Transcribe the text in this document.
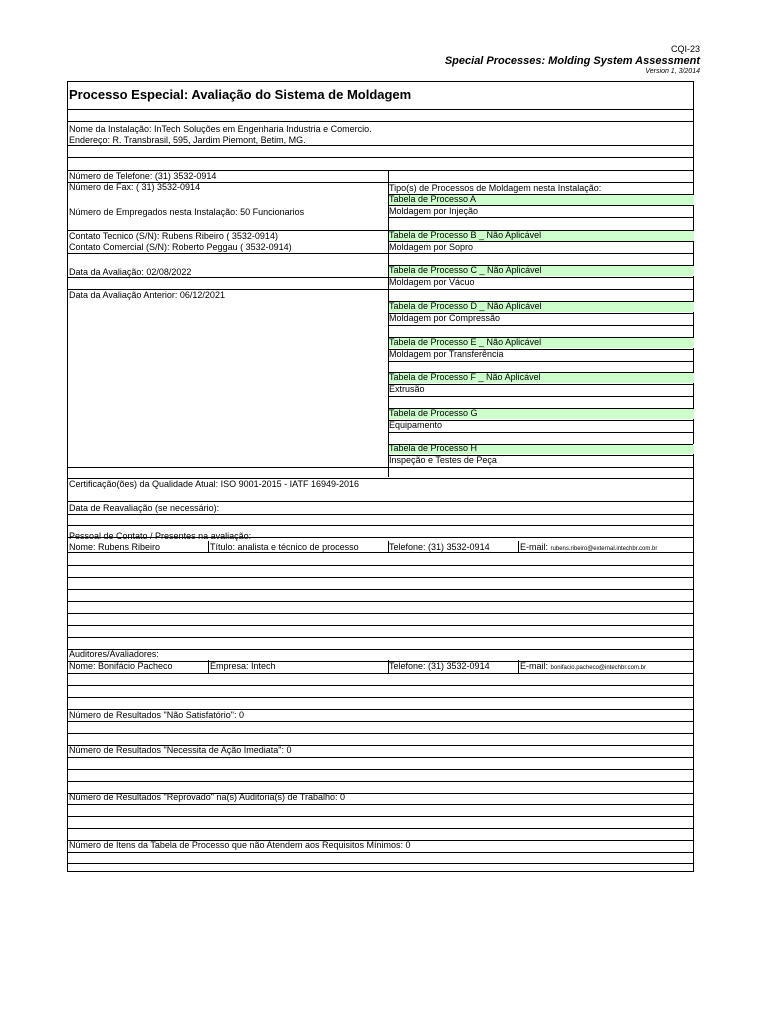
CQI-23
Special Processes: Molding System Assessment
Version 1, 3/2014
Processo Especial: Avaliação do Sistema de Moldagem
Nome da Instalação: InTech Soluções em Engenharia Industria e Comercio.
Endereço: R. Transbrasil, 595, Jardim Piemont, Betim, MG.
Número de Telefone: (31) 3532-0914
Número de Fax: ( 31) 3532-0914
Número de Empregados nesta Instalação: 50 Funcionarios
Contato Tecnico (S/N): Rubens Ribeiro ( 3532-0914)
Contato Comercial (S/N): Roberto Peggau ( 3532-0914)
Data da Avaliação: 02/08/2022
Data da Avaliação Anterior: 06/12/2021
Tipo(s) de Processos de Moldagem nesta Instalação:
Tabela de Processo A
Moldagem por Injeção
Tabela de Processo B _ Não Aplicável
Moldagem por Sopro
Tabela de Processo C _ Não Aplicável
Moldagem por Vácuo
Tabela de Processo D _ Não Aplicável
Moldagem por Compressão
Tabela de Processo E _ Não Aplicável
Moldagem por Transferência
Tabela de Processo F _ Não Aplicável
Extrusão
Tabela de Processo G
Equipamento
Tabela de Processo H
Inspeção e Testes de Peça
Certificação(ões) da Qualidade Atual: ISO 9001-2015 - IATF 16949-2016
Data de Reavaliação (se necessário):
Pessoal de Contato / Presentes na avaliação:
Nome: Rubens Ribeiro	Título: analista e técnico de processo	Telefone: (31) 3532-0914	E-mail: rubens.ribeiro@external.intechbr.com.br
Auditores/Avaliadores:
Nome: Bonifácio Pacheco	Empresa: Intech	Telefone: (31) 3532-0914	E-mail: bonifacio.pacheco@intechbr.com.br
Número de Resultados "Não Satisfatório": 0
Número de Resultados "Necessita de Ação Imediata": 0
Número de Resultados "Reprovado" na(s) Auditoria(s) de Trabalho: 0
Número de Itens da Tabela de Processo que não Atendem aos Requisitos Mínimos: 0
